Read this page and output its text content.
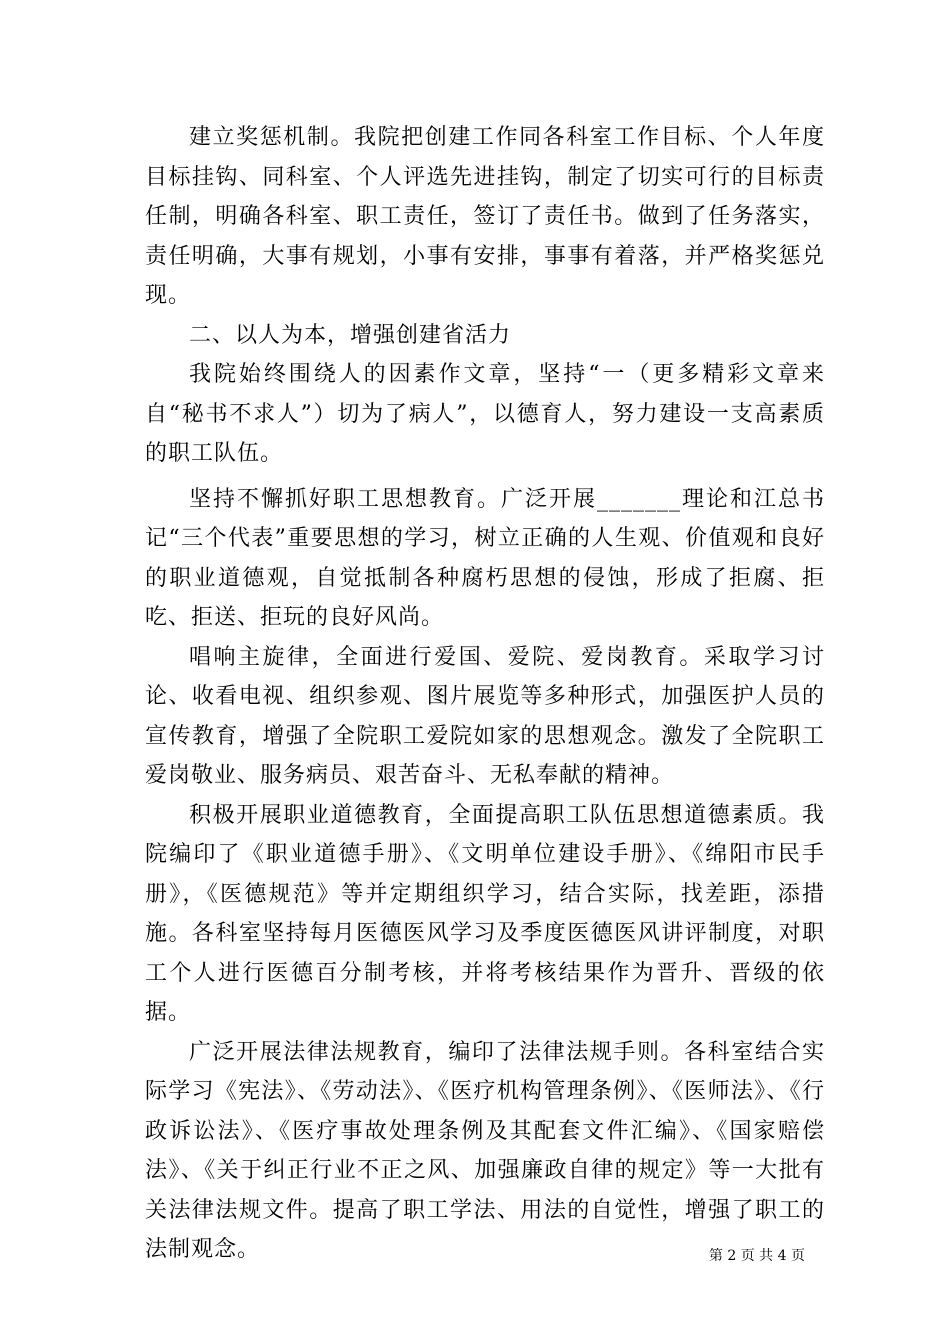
建立奖惩机制。我院把创建工作同各科室工作目标、个人年度目标挂钩、同科室、个人评选先进挂钩，制定了切实可行的目标责任制，明确各科室、职工责任，签订了责任书。做到了任务落实，责任明确，大事有规划，小事有安排，事事有着落，并严格奖惩兑现。

二、以人为本，增强创建省活力

我院始终围绕人的因素作文章，坚持“一（更多精彩文章来自“秘书不求人”）切为了病人”，以德育人，努力建设一支高素质的职工队伍。

坚持不懈抓好职工思想教育。广泛开展_______理论和江总书记“三个代表”重要思想的学习，树立正确的人生观、价值观和良好的职业道德观，自觉抵制各种腐朽思想的侵蚀，形成了拒腐、拒吃、拒送、拒玩的良好风尚。

唱响主旋律，全面进行爱国、爱院、爱岗教育。采取学习讨论、收看电视、组织参观、图片展览等多种形式，加强医护人员的宣传教育，增强了全院职工爱院如家的思想观念。激发了全院职工爱岗敬业、服务病员、艰苦奋斗、无私奉献的精神。

积极开展职业道德教育，全面提高职工队伍思想道德素质。我院编印了《职业道德手册》、《文明单位建设手册》、《绵阳市民手册》，《医德规范》等并定期组织学习，结合实际，找差距，添措施。各科室坚持每月医德医风学习及季度医德医风讲评制度，对职工个人进行医德百分制考核，并将考核结果作为晋升、晋级的依据。

广泛开展法律法规教育，编印了法律法规手则。各科室结合实际学习《宪法》、《劳动法》、《医疗机构管理条例》、《医师法》、《行政诉讼法》、《医疗事故处理条例及其配套文件汇编》、《国家赔偿法》、《关于纠正行业不正之风、加强廉政自律的规定》等一大批有关法律法规文件。提高了职工学法、用法的自觉性，增强了职工的法制观念。	第 2 页 共 4 页
